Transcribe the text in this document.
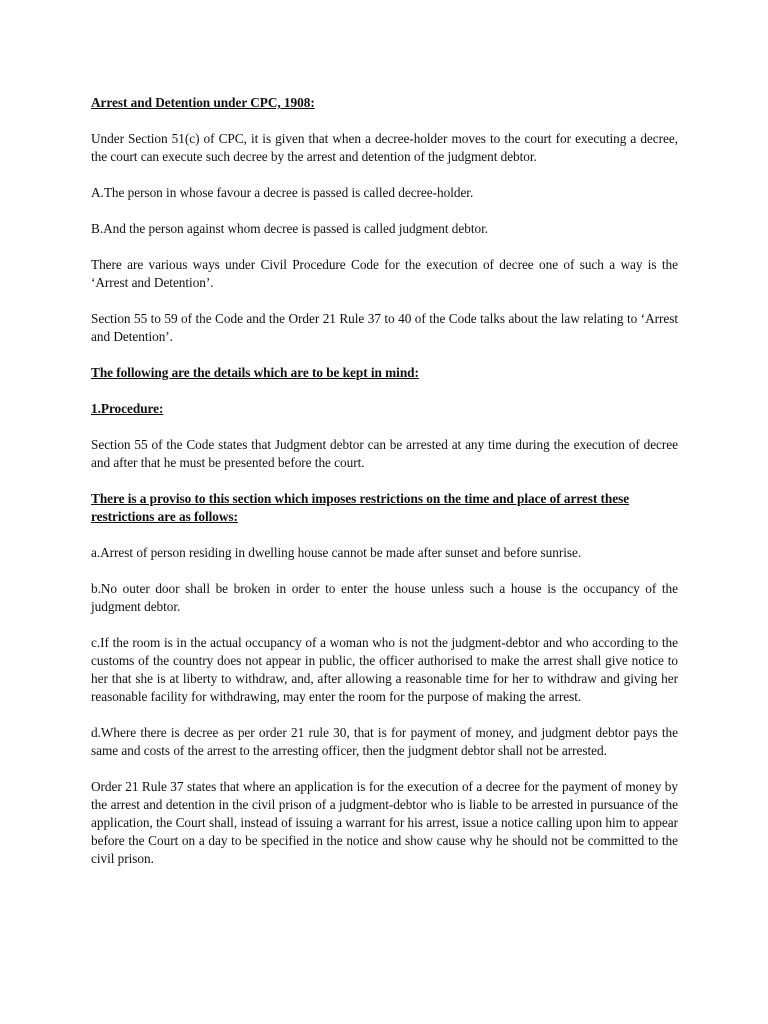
Arrest and Detention under CPC, 1908:

Under Section 51(c) of CPC, it is given that when a decree-holder moves to the court for executing a decree, the court can execute such decree by the arrest and detention of the judgment debtor.

A.The person in whose favour a decree is passed is called decree-holder.

B.And the person against whom decree is passed is called judgment debtor.

There are various ways under Civil Procedure Code for the execution of decree one of such a way is the ‘Arrest and Detention’.

Section 55 to 59 of the Code and the Order 21 Rule 37 to 40 of the Code talks about the law relating to ‘Arrest and Detention’.

The following are the details which are to be kept in mind:

1.Procedure:

Section 55 of the Code states that Judgment debtor can be arrested at any time during the execution of decree and after that he must be presented before the court.

There is a proviso to this section which imposes restrictions on the time and place of arrest these restrictions are as follows:

a.Arrest of person residing in dwelling house cannot be made after sunset and before sunrise.

b.No outer door shall be broken in order to enter the house unless such a house is the occupancy of the judgment debtor.

c.If the room is in the actual occupancy of a woman who is not the judgment-debtor and who according to the customs of the country does not appear in public, the officer authorised to make the arrest shall give notice to her that she is at liberty to withdraw, and, after allowing a reasonable time for her to withdraw and giving her reasonable facility for withdrawing, may enter the room for the purpose of making the arrest.

d.Where there is decree as per order 21 rule 30, that is for payment of money, and judgment debtor pays the same and costs of the arrest to the arresting officer, then the judgment debtor shall not be arrested.

Order 21 Rule 37 states that where an application is for the execution of a decree for the payment of money by the arrest and detention in the civil prison of a judgment-debtor who is liable to be arrested in pursuance of the application, the Court shall, instead of issuing a warrant for his arrest, issue a notice calling upon him to appear before the Court on a day to be specified in the notice and show cause why he should not be committed to the civil prison.
